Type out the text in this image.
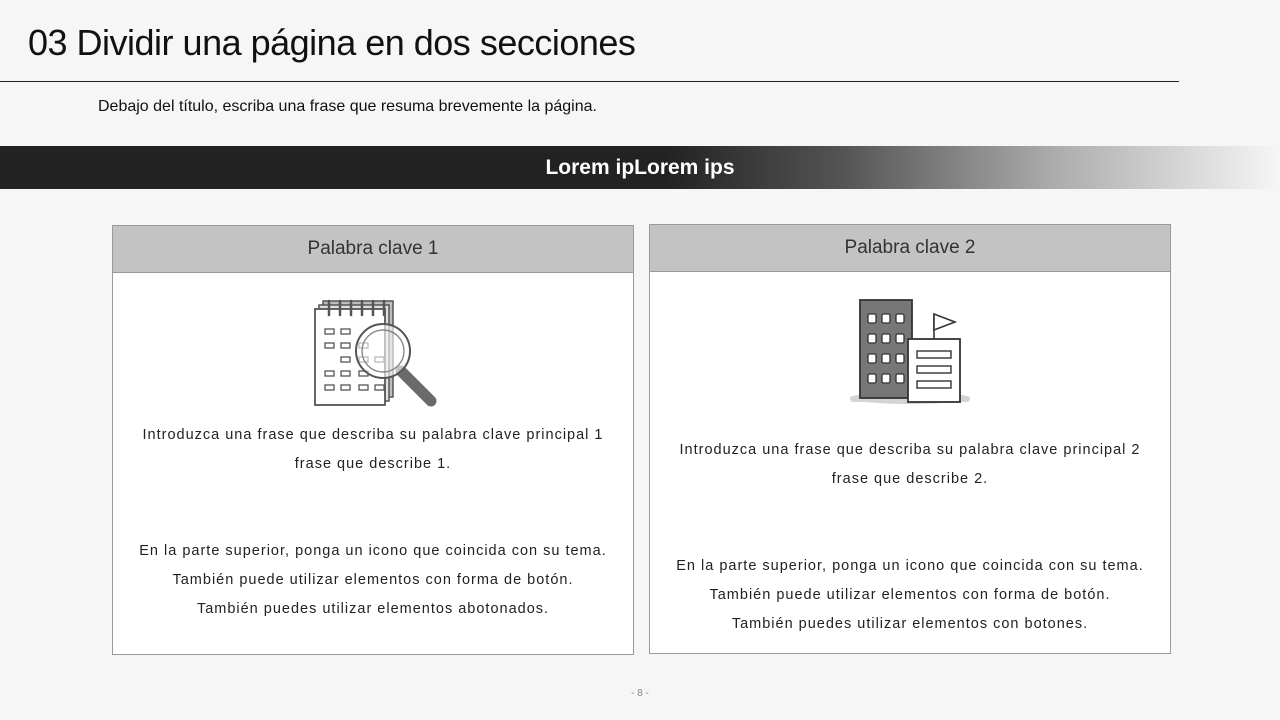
03 Dividir una página en dos secciones
Debajo del título, escriba una frase que resuma brevemente la página.
Lorem ipLorem ips
Palabra clave 1
Introduzca una frase que describa su palabra clave principal 1
frase que describe 1.
En la parte superior, ponga un icono que coincida con su tema.
También puede utilizar elementos con forma de botón.
También puedes utilizar elementos abotonados.
Palabra clave 2
Introduzca una frase que describa su palabra clave principal 2
frase que describe 2.
En la parte superior, ponga un icono que coincida con su tema.
También puede utilizar elementos con forma de botón.
También puedes utilizar elementos con botones.
- 8 -
